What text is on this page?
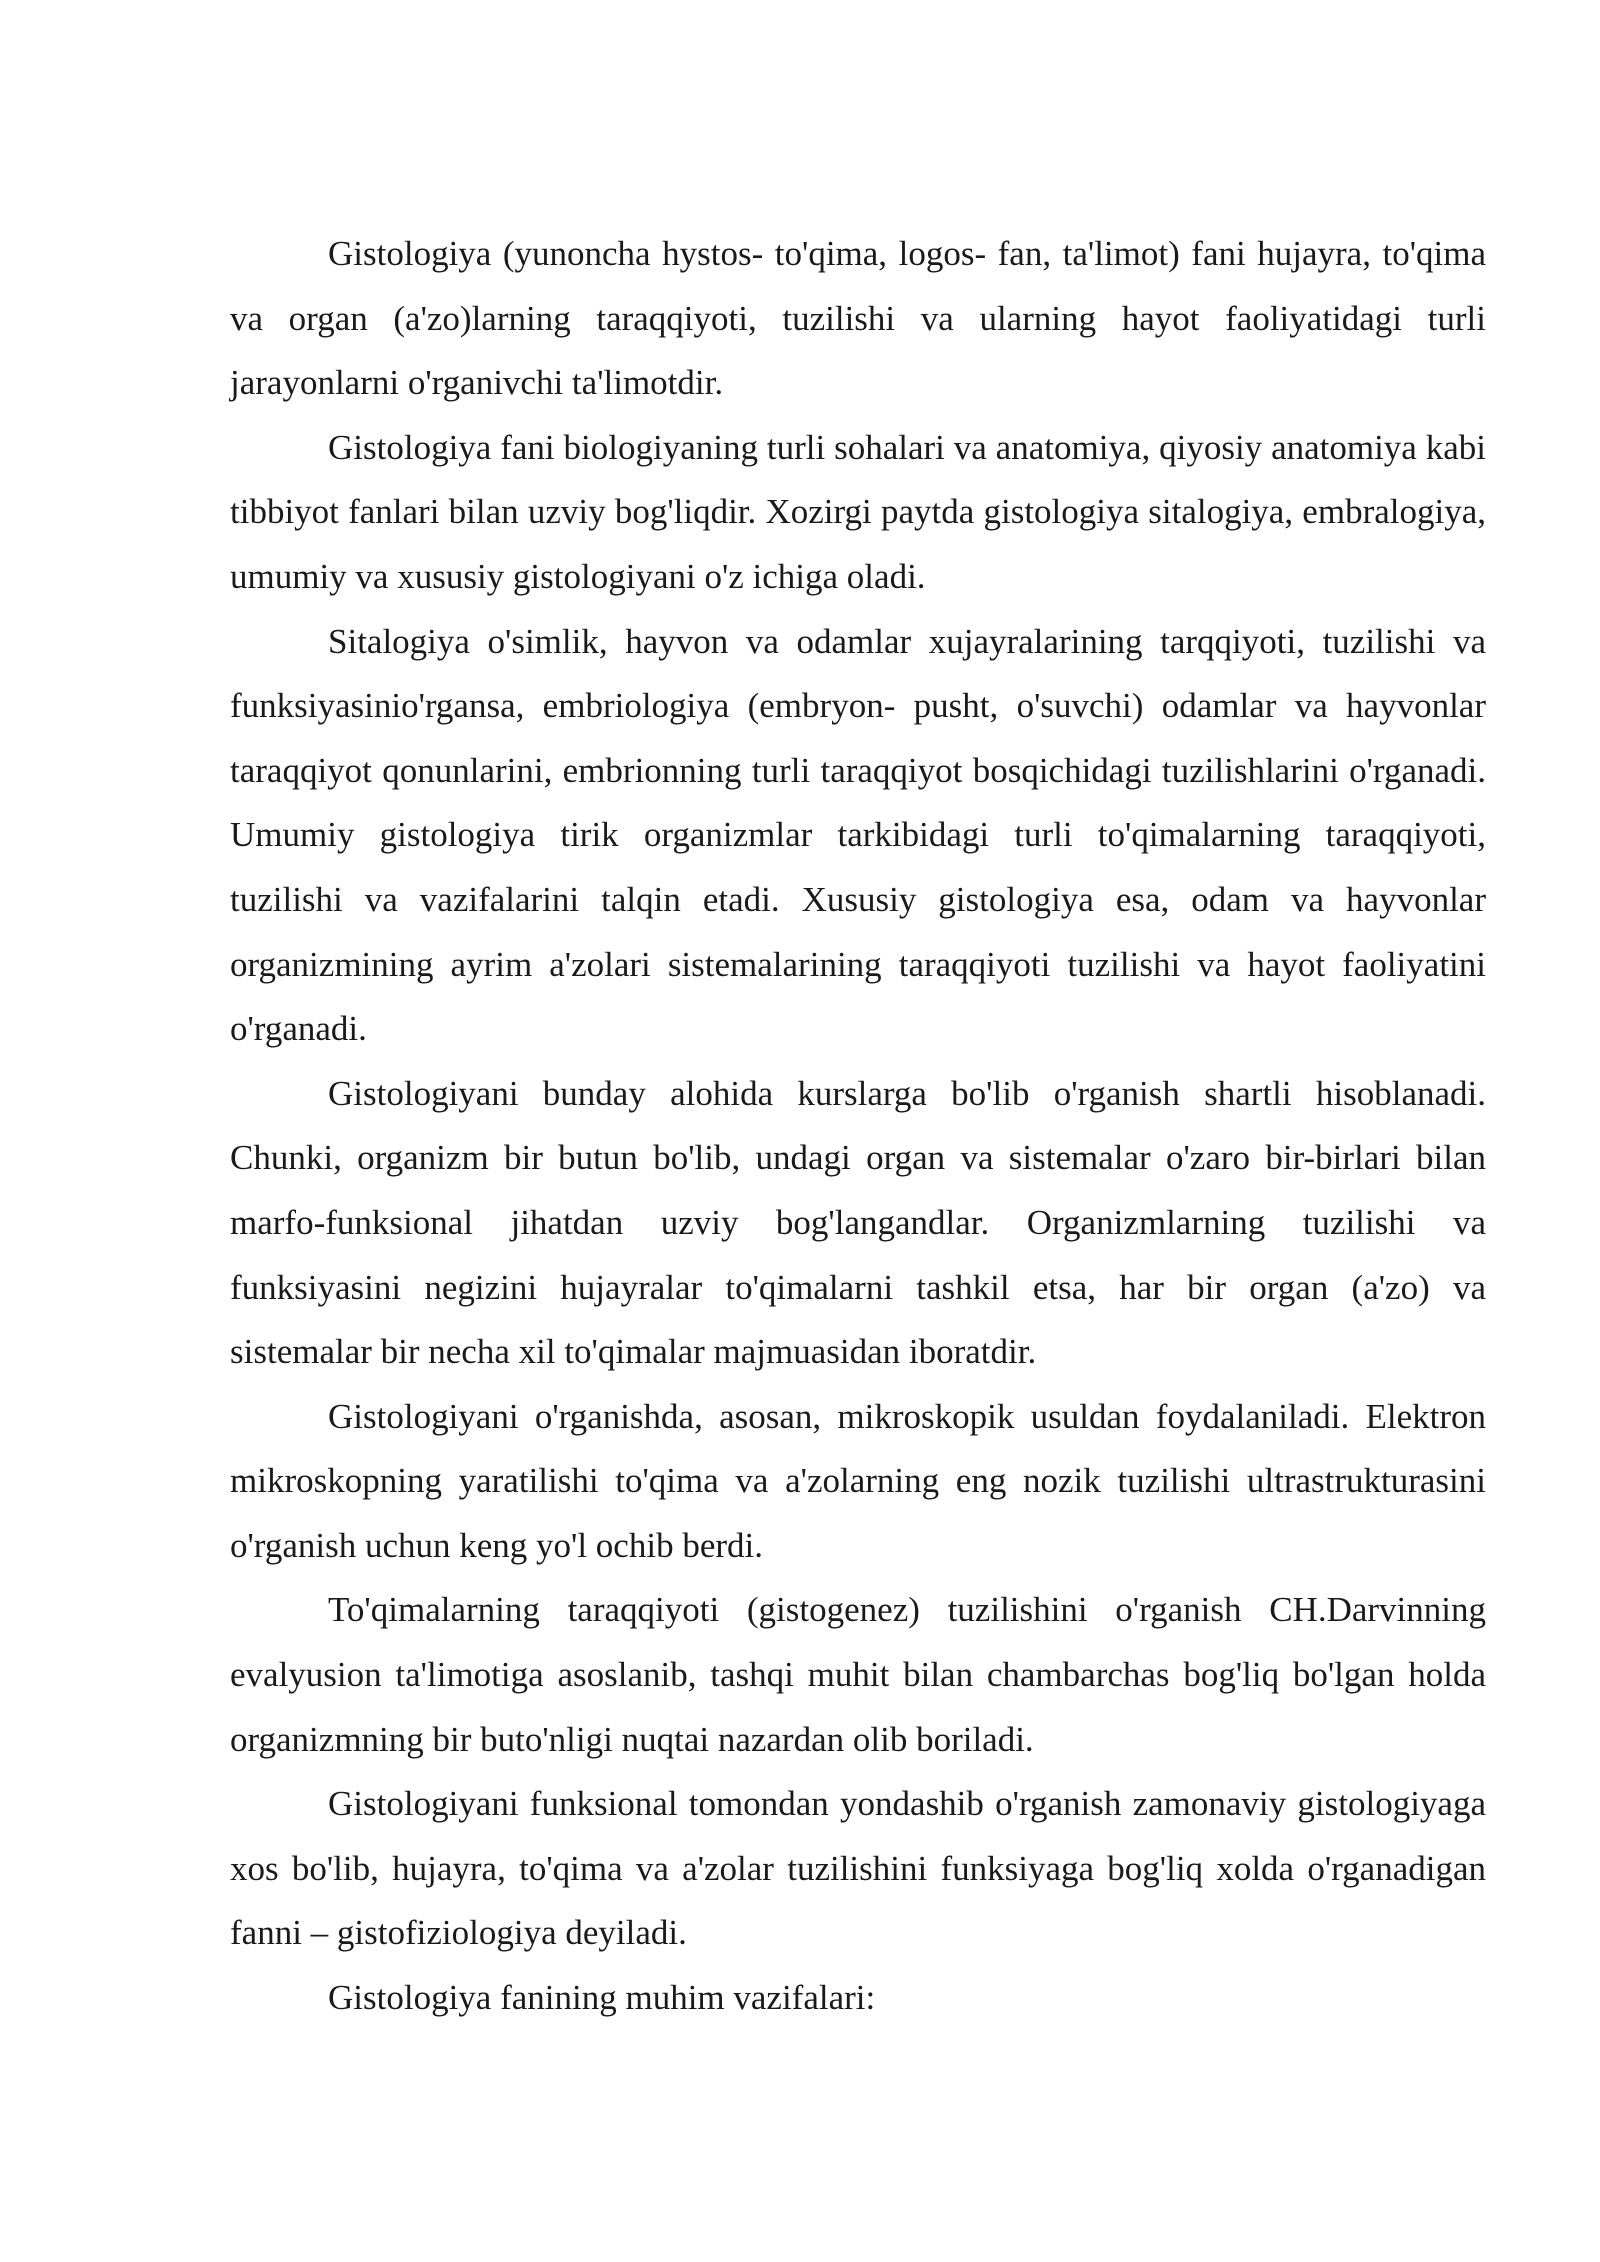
Gistologiya (yunoncha hystos- to'qima, logos- fan, ta'limot) fani hujayra, to'qima va organ (a'zo)larning taraqqiyoti, tuzilishi va ularning hayot faoliyatidagi turli jarayonlarni o'rganivchi ta'limotdir.

Gistologiya fani biologiyaning turli sohalari va anatomiya, qiyosiy anatomiya kabi tibbiyot fanlari bilan uzviy bog'liqdir. Xozirgi paytda gistologiya sitalogiya, embralogiya, umumiy va xususiy gistologiyani o'z ichiga oladi.

Sitalogiya o'simlik, hayvon va odamlar xujayralarining tarqqiyoti, tuzilishi va funksiyasinio'rgansa, embriologiya (embryon- pusht, o'suvchi) odamlar va hayvonlar taraqqiyot qonunlarini, embrionning turli taraqqiyot bosqichidagi tuzilishlarini o'rganadi. Umumiy gistologiya tirik organizmlar tarkibidagi turli to'qimalarning taraqqiyoti, tuzilishi va vazifalarini talqin etadi. Xususiy gistologiya esa, odam va hayvonlar organizmining ayrim a'zolari sistemalarining taraqqiyoti tuzilishi va hayot faoliyatini o'rganadi.

Gistologiyani bunday alohida kurslarga bo'lib o'rganish shartli hisoblanadi. Chunki, organizm bir butun bo'lib, undagi organ va sistemalar o'zaro bir-birlari bilan marfo-funksional jihatdan uzviy bog'langandlar. Organizmlarning tuzilishi va funksiyasini negizini hujayralar to'qimalarni tashkil etsa, har bir organ (a'zo) va sistemalar bir necha xil to'qimalar majmuasidan iboratdir.

Gistologiyani o'rganishda, asosan, mikroskopik usuldan foydalaniladi. Elektron mikroskopning yaratilishi to'qima va a'zolarning eng nozik tuzilishi ultrastrukturasini o'rganish uchun keng yo'l ochib berdi.

To'qimalarning taraqqiyoti (gistogenez) tuzilishini o'rganish CH.Darvinning evalyusion ta'limotiga asoslanib, tashqi muhit bilan chambarchas bog'liq bo'lgan holda organizmning bir buto'nligi nuqtai nazardan olib boriladi.

Gistologiyani funksional tomondan yondashib o'rganish zamonaviy gistologiyaga xos bo'lib, hujayra, to'qima va a'zolar tuzilishini funksiyaga bog'liq xolda o'rganadigan fanni – gistofiziologiya deyiladi.

Gistologiya fanining muhim vazifalari:
